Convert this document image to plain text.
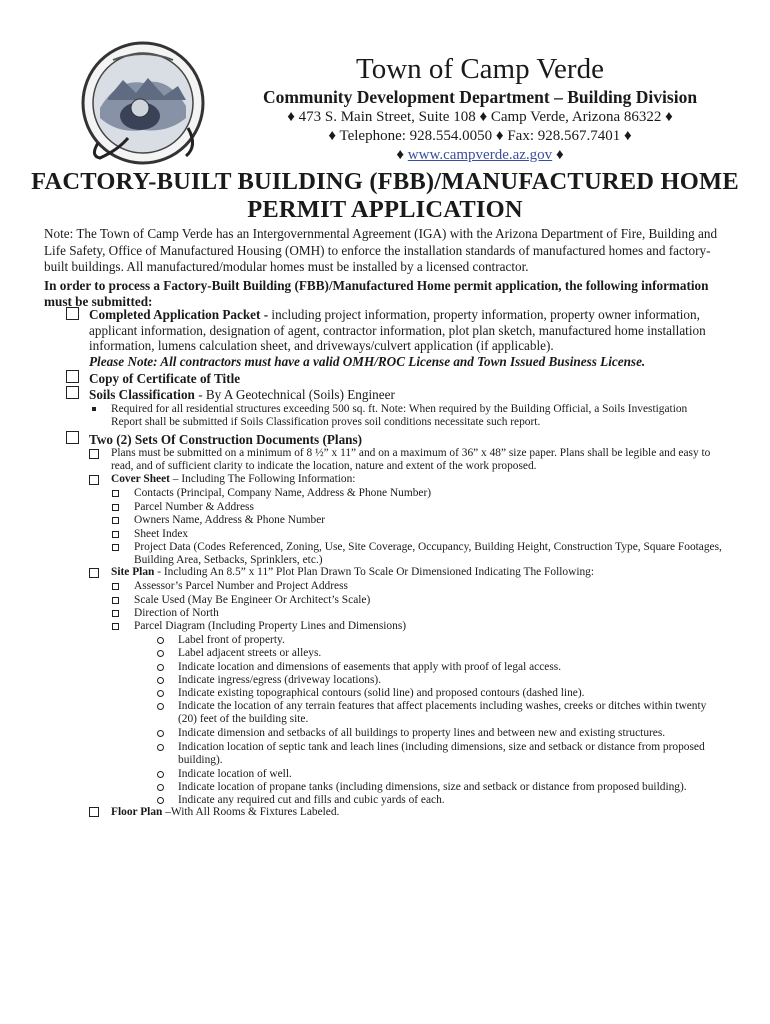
Town of Camp Verde

Community Development Department – Building Division

♦ 473 S. Main Street, Suite 108 ♦ Camp Verde, Arizona 86322 ♦

♦ Telephone: 928.554.0050 ♦ Fax: 928.567.7401 ♦

♦ www.campverde.az.gov ♦

FACTORY-BUILT BUILDING (FBB)/MANUFACTURED HOME
PERMIT APPLICATION
Note: The Town of Camp Verde has an Intergovernmental Agreement (IGA) with the Arizona Department of Fire, Building and Life Safety, Office of Manufactured Housing (OMH) to enforce the installation standards of manufactured homes and factory-built buildings. All manufactured/modular homes must be installed by a licensed contractor.
In order to process a Factory-Built Building (FBB)/Manufactured Home permit application, the following information must be submitted:
Completed Application Packet - including project information, property information, property owner information, applicant information, designation of agent, contractor information, plot plan sketch, manufactured home installation information, lumens calculation sheet, and driveways/culvert application (if applicable).
Please Note: All contractors must have a valid OMH/ROC License and Town Issued Business License.
Copy of Certificate of Title
Soils Classification - By A Geotechnical (Soils) Engineer
Required for all residential structures exceeding 500 sq. ft. Note: When required by the Building Official, a Soils Investigation Report shall be submitted if Soils Classification proves soil conditions necessitate such report.
Two (2) Sets Of Construction Documents (Plans)
Plans must be submitted on a minimum of 8 ½” x 11” and on a maximum of 36” x 48” size paper. Plans shall be legible and easy to read, and of sufficient clarity to indicate the location, nature and extent of the work proposed.
Cover Sheet – Including The Following Information:
Contacts (Principal, Company Name, Address & Phone Number)
Parcel Number & Address
Owners Name, Address & Phone Number
Sheet Index
Project Data (Codes Referenced, Zoning, Use, Site Coverage, Occupancy, Building Height, Construction Type, Square Footages, Building Area, Setbacks, Sprinklers, etc.)
Site Plan - Including An 8.5” x 11” Plot Plan Drawn To Scale Or Dimensioned Indicating The Following:
Assessor’s Parcel Number and Project Address
Scale Used (May Be Engineer Or Architect’s Scale)
Direction of North
Parcel Diagram (Including Property Lines and Dimensions)
Label front of property.
Label adjacent streets or alleys.
Indicate location and dimensions of easements that apply with proof of legal access.
Indicate ingress/egress (driveway locations).
Indicate existing topographical contours (solid line) and proposed contours (dashed line).
Indicate the location of any terrain features that affect placements including washes, creeks or ditches within twenty (20) feet of the building site.
Indicate dimension and setbacks of all buildings to property lines and between new and existing structures.
Indication location of septic tank and leach lines (including dimensions, size and setback or distance from proposed building).
Indicate location of well.
Indicate location of propane tanks (including dimensions, size and setback or distance from proposed building).
Indicate any required cut and fills and cubic yards of each.
Floor Plan –With All Rooms & Fixtures Labeled.
